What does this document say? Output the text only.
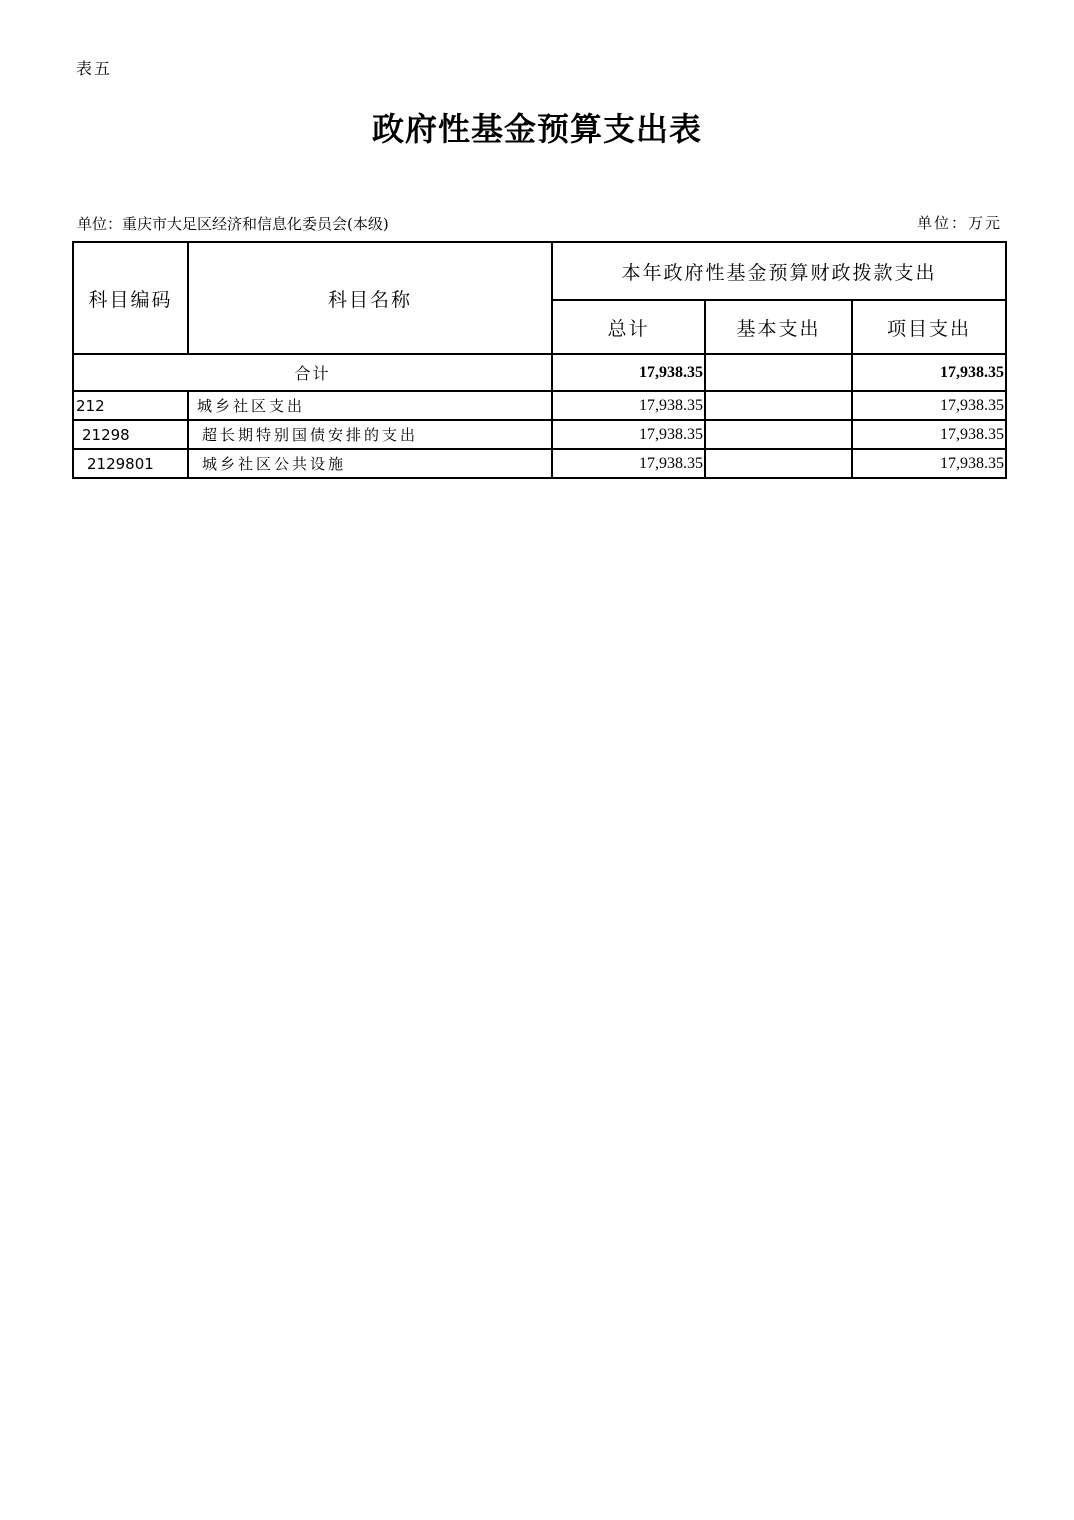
表五
政府性基金预算支出表
单位：重庆市大足区经济和信息化委员会(本级)	单位：万元
科目编码	科目名称	本年政府性基金预算财政拨款支出		
		总计	基本支出	项目支出
合计		17,938.35		17,938.35
212	城乡社区支出	17,938.35		17,938.35
21298	超长期特别国债安排的支出	17,938.35		17,938.35
2129801	城乡社区公共设施	17,938.35		17,938.35
